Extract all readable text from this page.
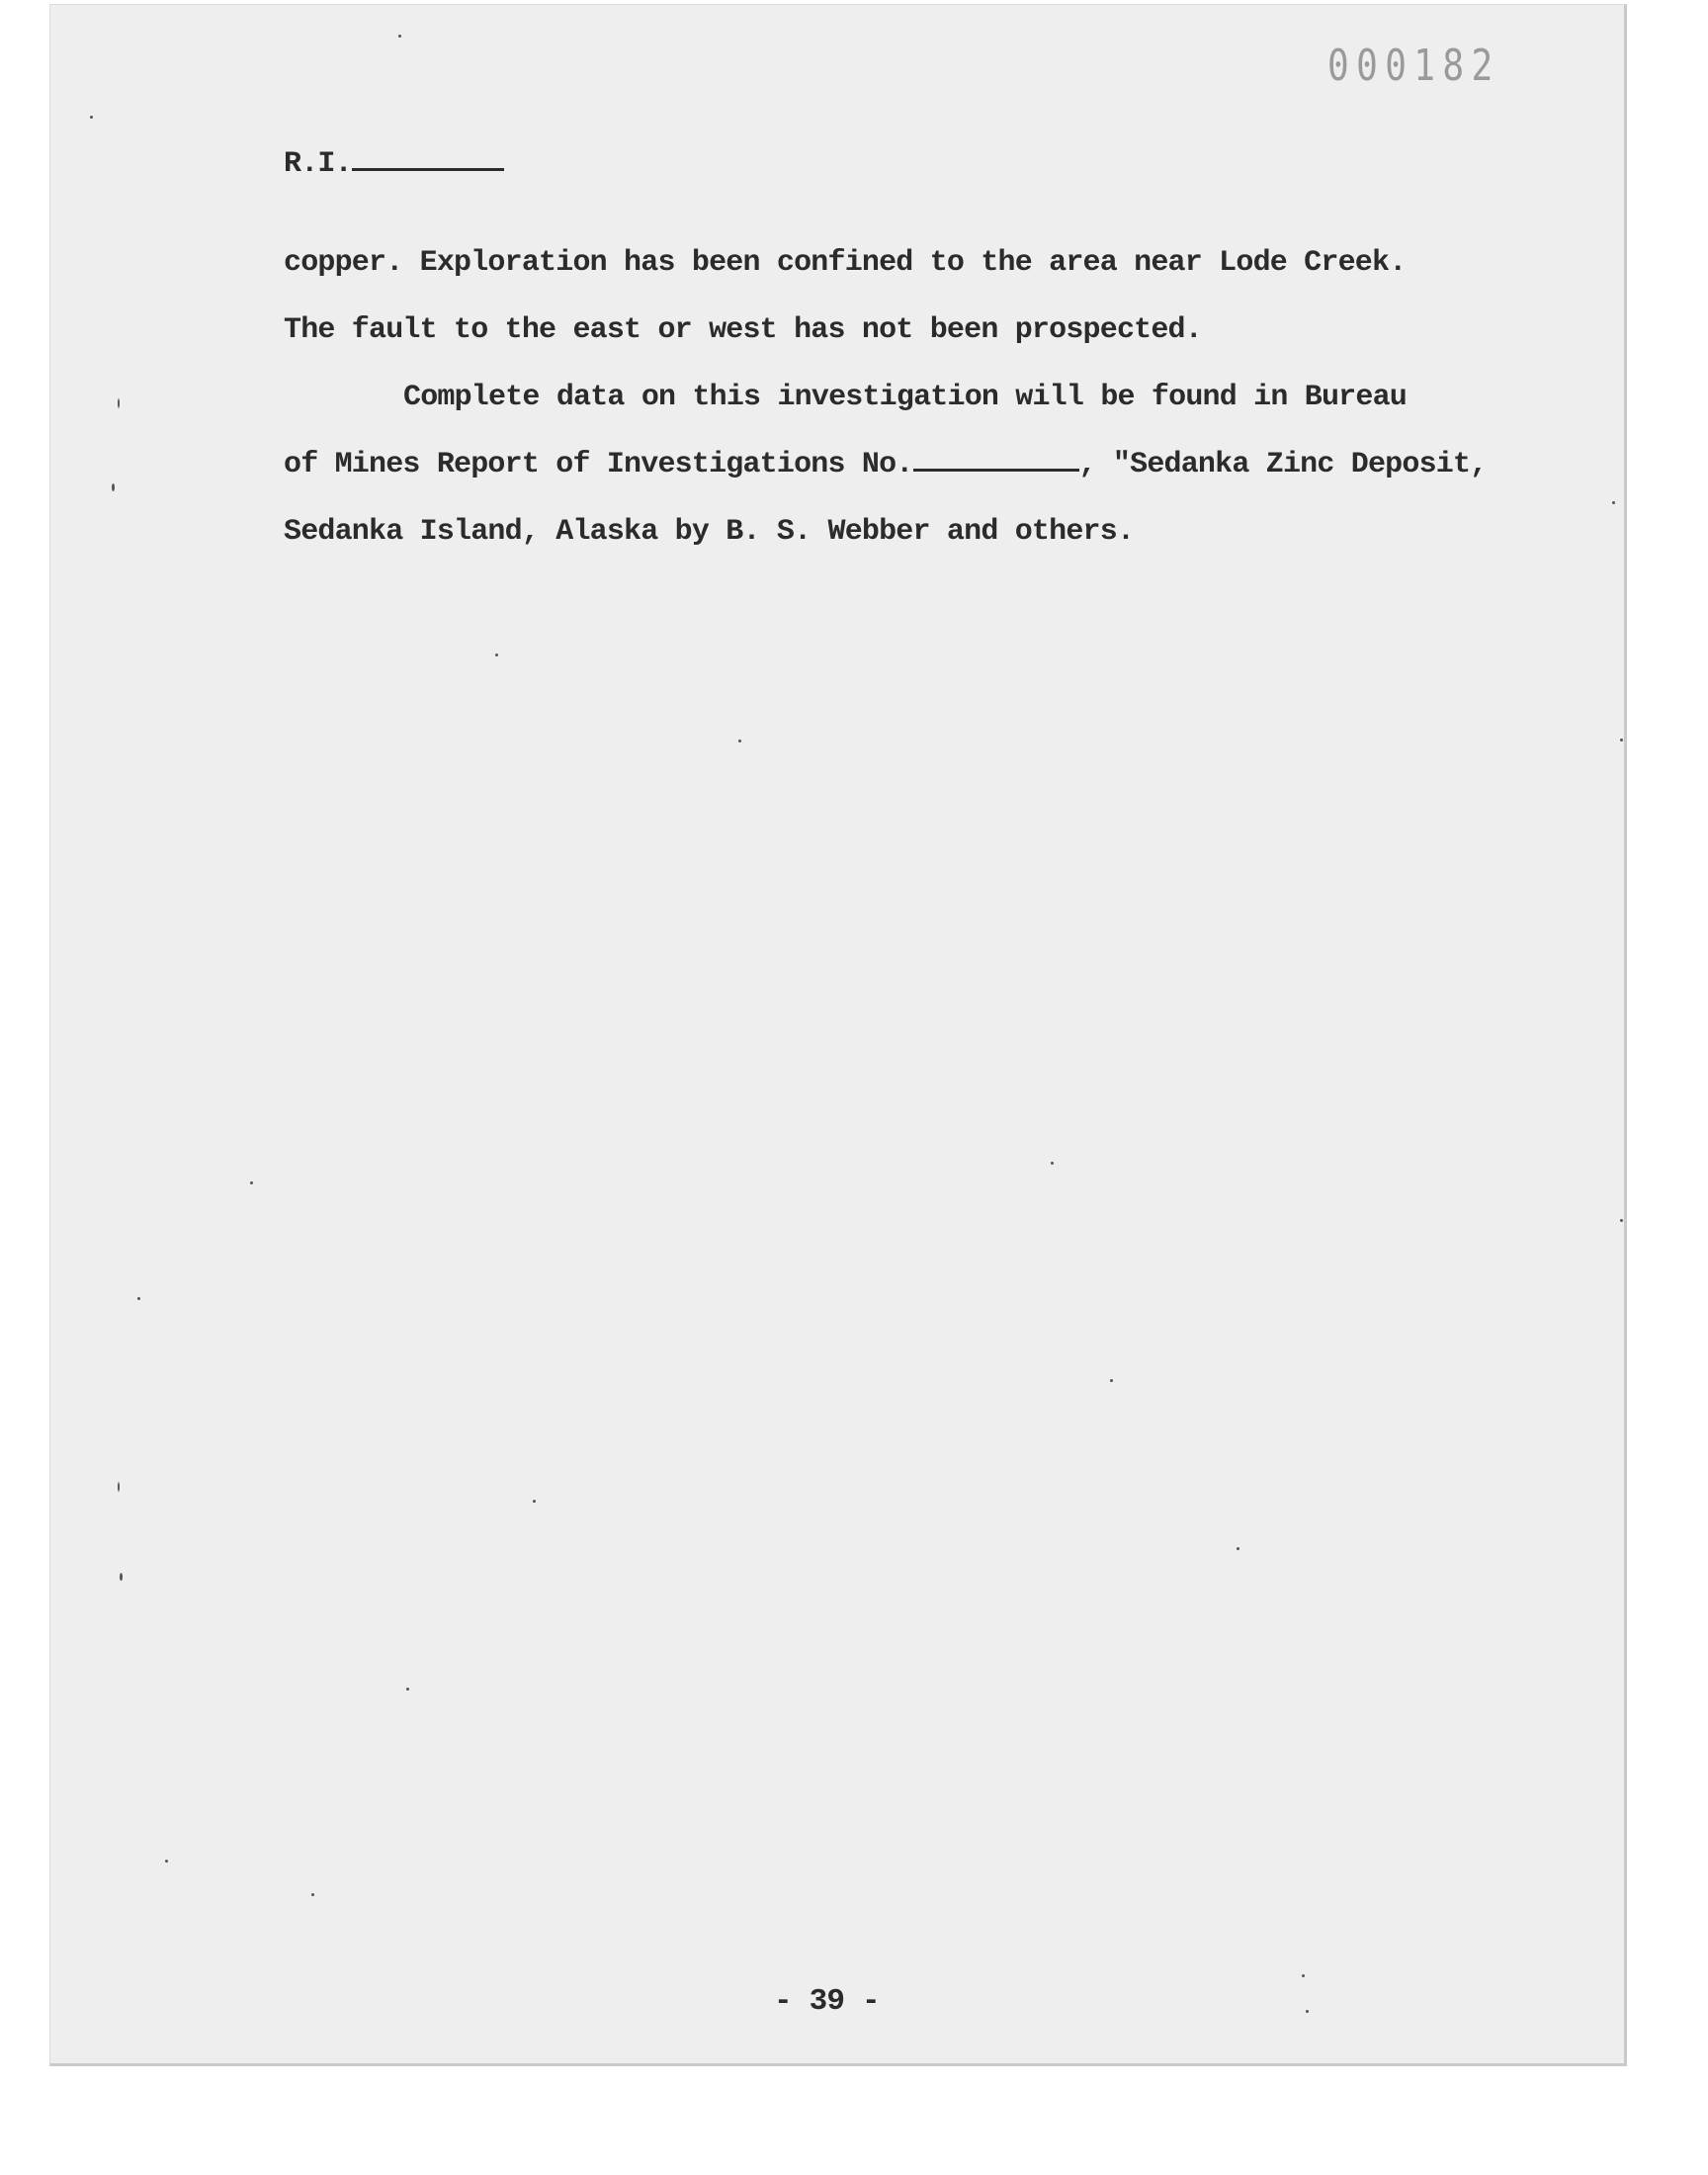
000182
R.I.
copper. Exploration has been confined to the area near Lode Creek.
The fault to the east or west has not been prospected.
Complete data on this investigation will be found in Bureau
of Mines Report of Investigations No.	, "Sedanka Zinc Deposit,
Sedanka Island, Alaska by B. S. Webber and others.
- 39 -
